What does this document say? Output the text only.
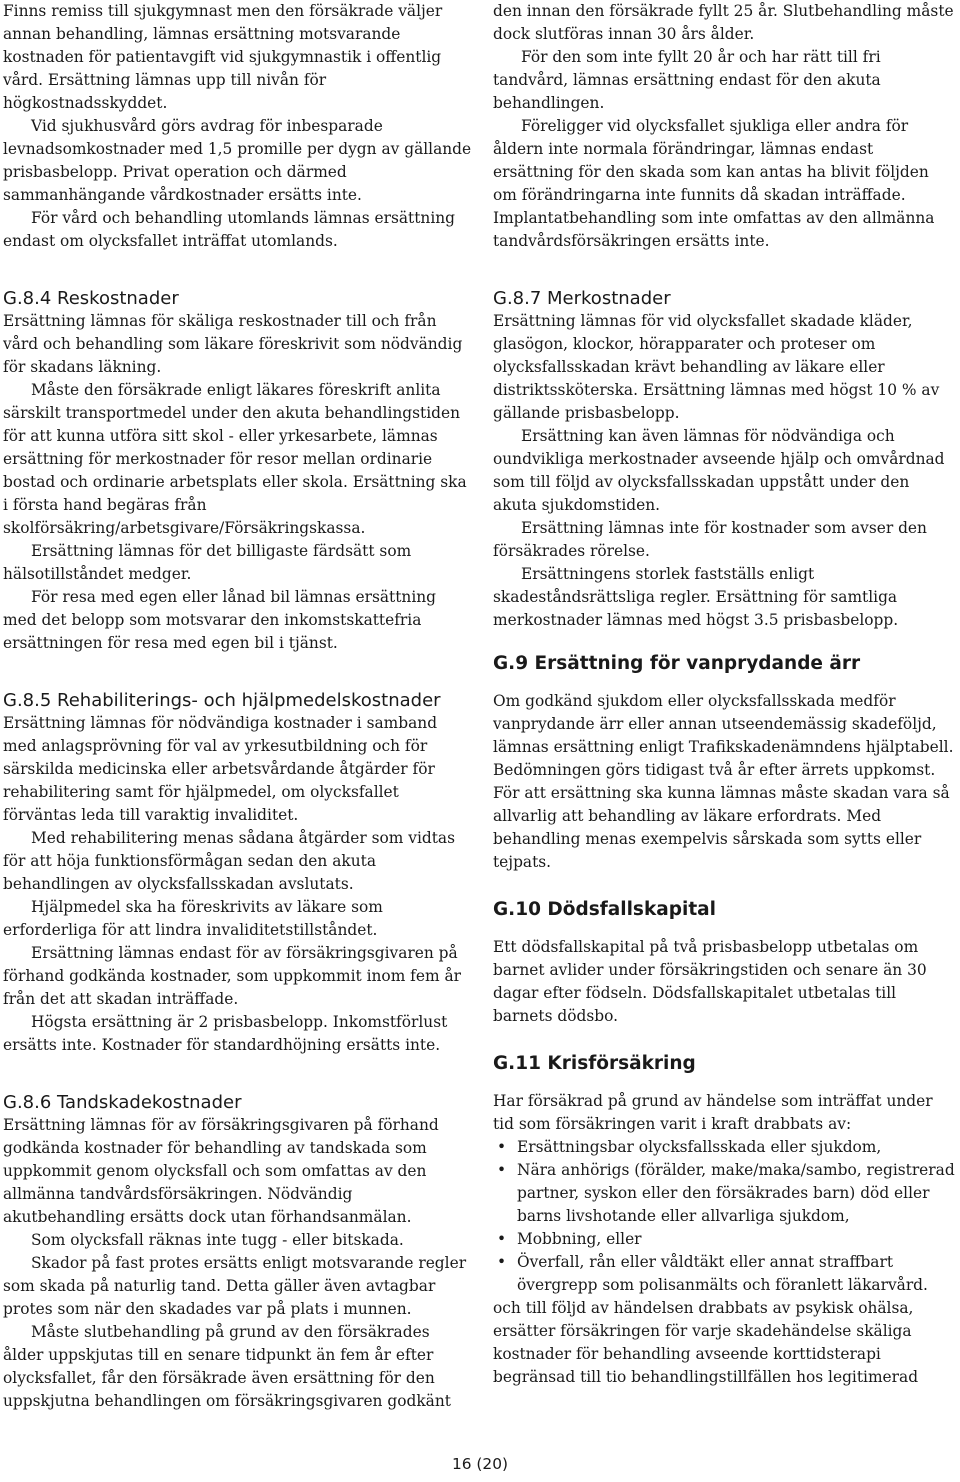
Finns remiss till sjukgymnast men den försäkrade väljer annan behandling, lämnas ersättning motsvarande kostnaden för patientavgift vid sjukgymnastik i offentlig vård. Ersättning lämnas upp till nivån för högkostnadsskyddet.

Vid sjukhusvård görs avdrag för inbesparade levnadsomkostnader med 1,5 promille per dygn av gällande prisbasbelopp. Privat operation och därmed sammanhängande vårdkostnader ersätts inte.

För vård och behandling utomlands lämnas ersättning endast om olycksfallet inträffat utomlands.

G.8.4 Reskostnader

Ersättning lämnas för skäliga reskostnader till och från vård och behandling som läkare föreskrivit som nödvändig för skadans läkning.

Måste den försäkrade enligt läkares föreskrift anlita särskilt transportmedel under den akuta behandlingstiden för att kunna utföra sitt skol - eller yrkesarbete, lämnas ersättning för merkostnader för resor mellan ordinarie bostad och ordinarie arbetsplats eller skola. Ersättning ska i första hand begäras från skolförsäkring/arbetsgivare/Försäkringskassa.

Ersättning lämnas för det billigaste färdsätt som hälsotillståndet medger.

För resa med egen eller lånad bil lämnas ersättning med det belopp som motsvarar den inkomstskattefria ersättningen för resa med egen bil i tjänst.

G.8.5 Rehabiliterings- och hjälpmedelskostnader

Ersättning lämnas för nödvändiga kostnader i samband med anlagsprövning för val av yrkesutbildning och för särskilda medicinska eller arbetsvårdande åtgärder för rehabilitering samt för hjälpmedel, om olycksfallet förväntas leda till varaktig invaliditet.

Med rehabilitering menas sådana åtgärder som vidtas för att höja funktionsförmågan sedan den akuta behandlingen av olycksfallsskadan avslutats.

Hjälpmedel ska ha föreskrivits av läkare som erforderliga för att lindra invaliditetstillståndet.

Ersättning lämnas endast för av försäkringsgivaren på förhand godkända kostnader, som uppkommit inom fem år från det att skadan inträffade.

Högsta ersättning är 2 prisbasbelopp. Inkomstförlust ersätts inte. Kostnader för standardhöjning ersätts inte.

G.8.6 Tandskadekostnader

Ersättning lämnas för av försäkringsgivaren på förhand godkända kostnader för behandling av tandskada som uppkommit genom olycksfall och som omfattas av den allmänna tandvårdsförsäkringen. Nödvändig akutbehandling ersätts dock utan förhandsanmälan.

Som olycksfall räknas inte tugg - eller bitskada.

Skador på fast protes ersätts enligt motsvarande regler som skada på naturlig tand. Detta gäller även avtagbar protes som när den skadades var på plats i munnen.

Måste slutbehandling på grund av den försäkrades ålder uppskjutas till en senare tidpunkt än fem år efter olycksfallet, får den försäkrade även ersättning för den uppskjutna behandlingen om försäkringsgivaren godkänt

den innan den försäkrade fyllt 25 år. Slutbehandling måste dock slutföras innan 30 års ålder.

För den som inte fyllt 20 år och har rätt till fri tandvård, lämnas ersättning endast för den akuta behandlingen.

Föreligger vid olycksfallet sjukliga eller andra för åldern inte normala förändringar, lämnas endast ersättning för den skada som kan antas ha blivit följden om förändringarna inte funnits då skadan inträffade. Implantatbehandling som inte omfattas av den allmänna tandvårdsförsäkringen ersätts inte.

G.8.7 Merkostnader

Ersättning lämnas för vid olycksfallet skadade kläder, glasögon, klockor, hörapparater och proteser om olycksfallsskadan krävt behandling av läkare eller distriktssköterska. Ersättning lämnas med högst 10 % av gällande prisbasbelopp.

Ersättning kan även lämnas för nödvändiga och oundvikliga merkostnader avseende hjälp och omvårdnad som till följd av olycksfallsskadan uppstått under den akuta sjukdomstiden.

Ersättning lämnas inte för kostnader som avser den försäkrades rörelse.

Ersättningens storlek fastställs enligt skadeståndsrättsliga regler. Ersättning för samtliga merkostnader lämnas med högst 3.5 prisbasbelopp.

G.9 Ersättning för vanprydande ärr

Om godkänd sjukdom eller olycksfallsskada medför vanprydande ärr eller annan utseendemässig skadeföljd, lämnas ersättning enligt Trafikskadenämndens hjälptabell. Bedömningen görs tidigast två år efter ärrets uppkomst. För att ersättning ska kunna lämnas måste skadan vara så allvarlig att behandling av läkare erfordrats. Med behandling menas exempelvis sårskada som sytts eller tejpats.

G.10 Dödsfallskapital

Ett dödsfallskapital på två prisbasbelopp utbetalas om barnet avlider under försäkringstiden och senare än 30 dagar efter födseln. Dödsfallskapitalet utbetalas till barnets dödsbo.

G.11 Krisförsäkring

Har försäkrad på grund av händelse som inträffat under tid som försäkringen varit i kraft drabbats av:

• Ersättningsbar olycksfallsskada eller sjukdom,
• Nära anhörigs (förälder, make/maka/sambo, registrerad partner, syskon eller den försäkrades barn) död eller barns livshotande eller allvarliga sjukdom,
• Mobbning, eller
• Överfall, rån eller våldtäkt eller annat straffbart övergrepp som polisanmälts och föranlett läkarvård.

och till följd av händelsen drabbats av psykisk ohälsa, ersätter försäkringen för varje skadehändelse skäliga kostnader för behandling avseende korttidsterapi begränsad till tio behandlingstillfällen hos legitimerad

16 (20)
